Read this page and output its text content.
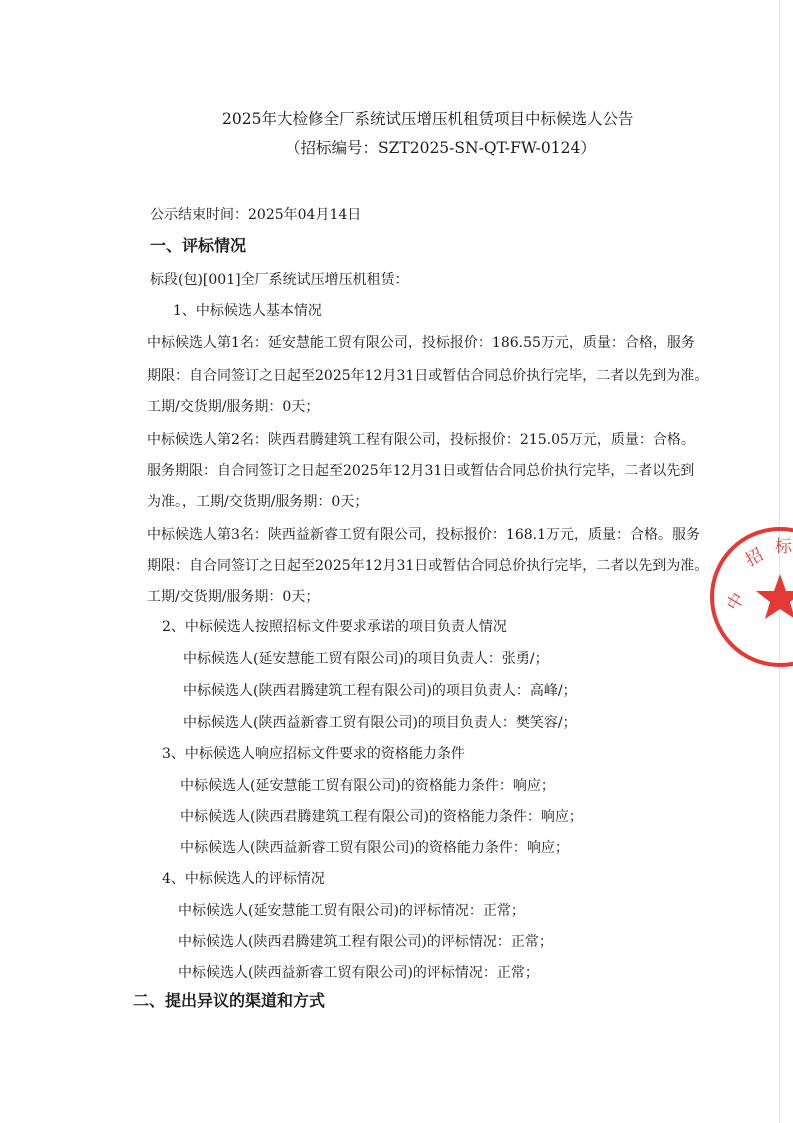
2025年大检修全厂系统试压增压机租赁项目中标候选人公告
（招标编号：SZT2025-SN-QT-FW-0124）
公示结束时间：2025年04月14日
一、评标情况
标段(包)[001]全厂系统试压增压机租赁：
1、中标候选人基本情况
中标候选人第1名：延安慧能工贸有限公司，投标报价：186.55万元，质量：合格，服务
期限：自合同签订之日起至2025年12月31日或暂估合同总价执行完毕，二者以先到为准。
工期/交货期/服务期：0天；
中标候选人第2名：陕西君腾建筑工程有限公司，投标报价：215.05万元，质量：合格。
服务期限：自合同签订之日起至2025年12月31日或暂估合同总价执行完毕，二者以先到
为准。，工期/交货期/服务期：0天；
中标候选人第3名：陕西益新睿工贸有限公司，投标报价：168.1万元，质量：合格。服务
期限：自合同签订之日起至2025年12月31日或暂估合同总价执行完毕，二者以先到为准。
工期/交货期/服务期：0天；
2、中标候选人按照招标文件要求承诺的项目负责人情况
中标候选人(延安慧能工贸有限公司)的项目负责人：张勇/；
中标候选人(陕西君腾建筑工程有限公司)的项目负责人：高峰/；
中标候选人(陕西益新睿工贸有限公司)的项目负责人：樊笑容/；
3、中标候选人响应招标文件要求的资格能力条件
中标候选人(延安慧能工贸有限公司)的资格能力条件：响应；
中标候选人(陕西君腾建筑工程有限公司)的资格能力条件：响应；
中标候选人(陕西益新睿工贸有限公司)的资格能力条件：响应；
4、中标候选人的评标情况
中标候选人(延安慧能工贸有限公司)的评标情况：正常；
中标候选人(陕西君腾建筑工程有限公司)的评标情况：正常；
中标候选人(陕西益新睿工贸有限公司)的评标情况：正常；
二、提出异议的渠道和方式
中
招 标
